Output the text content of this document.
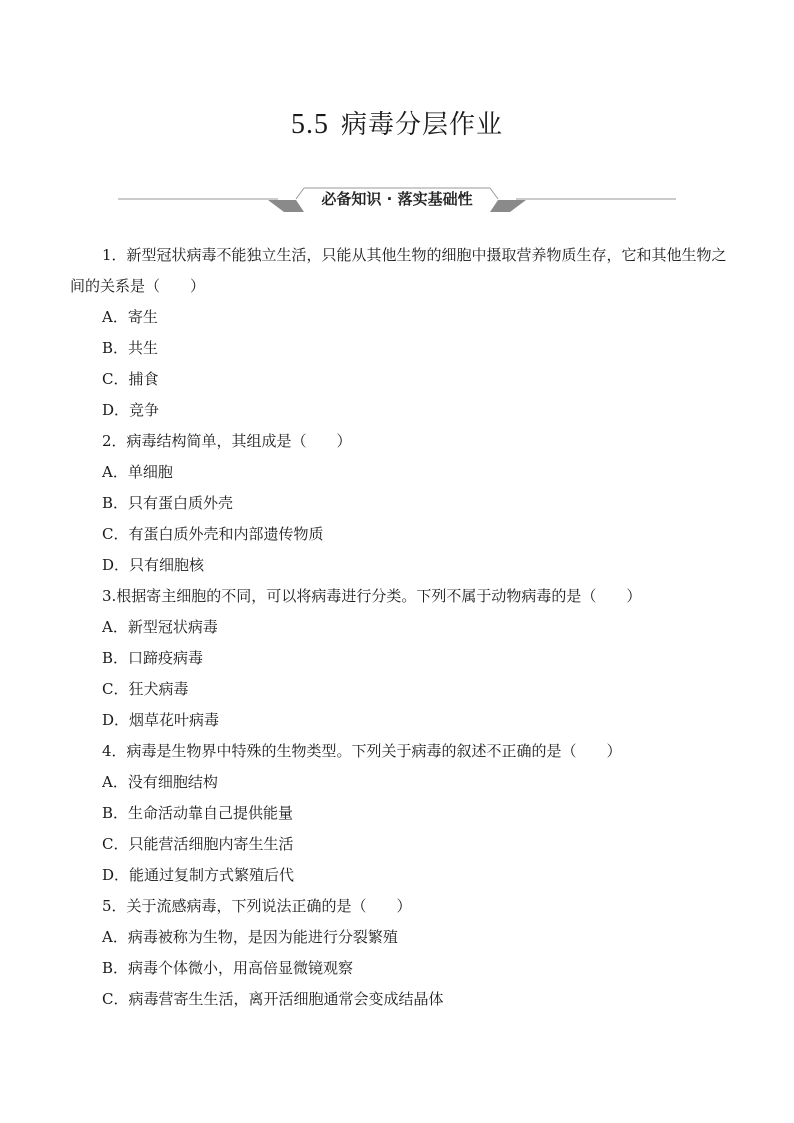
5.5 病毒分层作业
必备知识 · 落实基础性
1．新型冠状病毒不能独立生活，只能从其他生物的细胞中摄取营养物质生存，它和其他生物之间的关系是（　　）
A．寄生
B．共生
C．捕食
D．竞争
2．病毒结构简单，其组成是（　　）
A．单细胞
B．只有蛋白质外壳
C．有蛋白质外壳和内部遗传物质
D．只有细胞核
3.根据寄主细胞的不同，可以将病毒进行分类。下列不属于动物病毒的是（　　）
A．新型冠状病毒
B．口蹄疫病毒
C．狂犬病毒
D．烟草花叶病毒
4．病毒是生物界中特殊的生物类型。下列关于病毒的叙述不正确的是（　　）
A．没有细胞结构
B．生命活动靠自己提供能量
C．只能营活细胞内寄生生活
D．能通过复制方式繁殖后代
5．关于流感病毒，下列说法正确的是（　　）
A．病毒被称为生物，是因为能进行分裂繁殖
B．病毒个体微小，用高倍显微镜观察
C．病毒营寄生生活，离开活细胞通常会变成结晶体
